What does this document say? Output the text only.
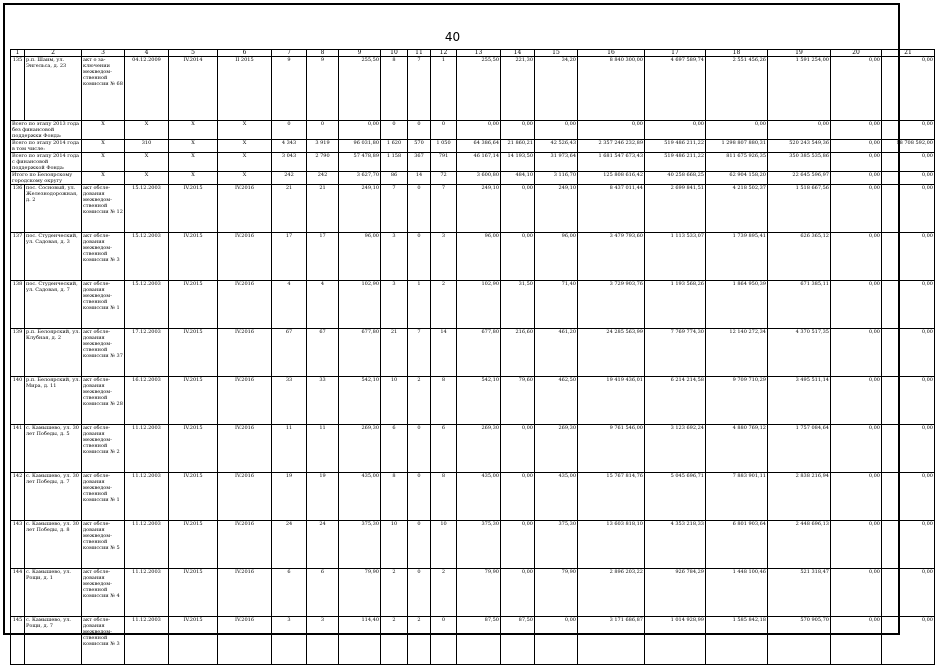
40
1	2	3	4	5	6	7	8	9	10	11	12	13	14	15	16	17	18	19	20	21
135	р.п. Шаим, ул. Энгельса, д. 23	акт о за- ключении межведом- ственной комиссии № 68	04.12.2009	IV.2014	II 2015	9	9	255,50	8	7	1	255,50	221,30	34,20	8 840 300,00	4 697 589,74	2 551 456,26	1 591 254,00	0,00	0,00
Всего по этапу 2013 года без финансовой поддержки Фонда:		X	X	X	X	0	0	0,00	0	0	0	0,00	0,00	0,00	0,00	0,00	0,00	0,00	0,00	0,00
Всего по этапу 2014 года в том числе:		X	310	X	X	4 343	3 919	96 031,80	1 620	570	1 050	64 386,64	21 860,21	42 526,43	2 357 246 232,89	519 486 211,22	1 298 807 880,31	520 243 549,36	0,00	18 708 592,00
Всего по этапу 2014 года с финансовой поддержкой Фонда:		X	X	X	X	3 043	2 790	57 478,89	1 158	367	791	46 167,14	14 193,50	31 973,64	1 681 547 673,43	519 486 211,22	811 675 926,35	350 385 535,86	0,00	0,00
Итого по Белоярскому городскому округу		X	X	X	X	242	242	3 627,70	86	14	72	3 600,80	484,10	3 116,70	125 808 616,42	40 258 668,25	62 904 158,20	22 645 596,97	0,00	0,00
136	пос. Сосновый, ул. Железнодорожная, д. 2	акт обсле- дования межведом- ственной комиссии № 12	15.12.2003	IV.2015	IV.2016	21	21	249,10	7	0	7	249,10	0,00	249,10	8 437 011,44	2 699 841,51	4 218 502,37	1 518 667,56	0,00	0,00
137	пос. Студенческий, ул. Садовая, д. 3	акт обсле- дования межведом- ственной комиссии № 3	15.12.2003	IV.2015	IV.2016	17	17	96,00	3	0	3	96,00	0,00	96,00	3 479 793,60	1 113 533,07	1 739 895,41	626 365,12	0,00	0,00
138	пос. Студенческий, ул. Садовая, д. 7	акт обсле- дования межведом- ственной комиссии № 1	15.12.2003	IV.2015	IV.2016	4	4	102,90	3	1	2	102,90	31,50	71,40	3 729 903,76	1 193 568,26	1 864 950,39	671 385,11	0,00	0,00
139	р.п. Белоярский, ул. Клубная, д. 2	акт обсле- дования межведом- ственной комиссии № 37	17.12.2003	IV.2015	IV.2016	67	67	677,80	21	7	14	677,80	216,60	461,20	24 285 563,99	7 769 774,30	12 140 272,34	4 370 517,35	0,00	0,00
140	р.п. Белоярский, ул. Мира, д. 11	акт обсле- дования межведом- ственной комиссии № 28	16.12.2003	IV.2015	IV.2016	33	33	542,10	10	2	8	542,10	79,60	462,50	19 419 436,01	6 214 214,58	9 709 710,29	3 495 511,14	0,00	0,00
141	с. Камышево, ул. 30 лет Победы, д. 5	акт обсле- дования межведом- ственной комиссии № 2	11.12.2003	IV.2015	IV.2016	11	11	269,30	6	0	6	269,30	0,00	269,30	9 761 546,00	3 123 692,24	4 880 769,12	1 757 084,64	0,00	0,00
142	с. Камышево, ул. 30 лет Победы, д. 7	акт обсле- дования межведом- ственной комиссии № 1	11.12.2003	IV.2015	IV.2016	19	19	435,00	8	0	8	435,00	0,00	435,00	15 767 814,76	5 045 696,71	7 883 901,11	2 838 216,94	0,00	0,00
143	с. Камышево, ул. 30 лет Победы, д. 8	акт обсле- дования межведом- ственной комиссии № 5	11.12.2003	IV.2015	IV.2016	24	24	375,30	10	0	10	375,30	0,00	375,30	13 603 818,10	4 353 218,33	6 801 903,64	2 448 696,13	0,00	0,00
144	с. Камышево, ул. Рощи, д. 1	акт обсле- дования межведом- ственной комиссии № 4	11.12.2003	IV.2015	IV.2016	6	6	79,90	2	0	2	79,90	0,00	79,90	2 896 203,22	926 784,29	1 448 100,46	521 318,47	0,00	0,00
145	с. Камышево, ул. Рощи, д. 7	акт обсле- дования межведом- ственной комиссии № 3	11.12.2003	IV.2015	IV.2016	3	3	114,40	2	2	0	87,50	87,50	0,00	3 171 686,87	1 014 928,99	1 585 842,18	570 905,70	0,00	0,00
